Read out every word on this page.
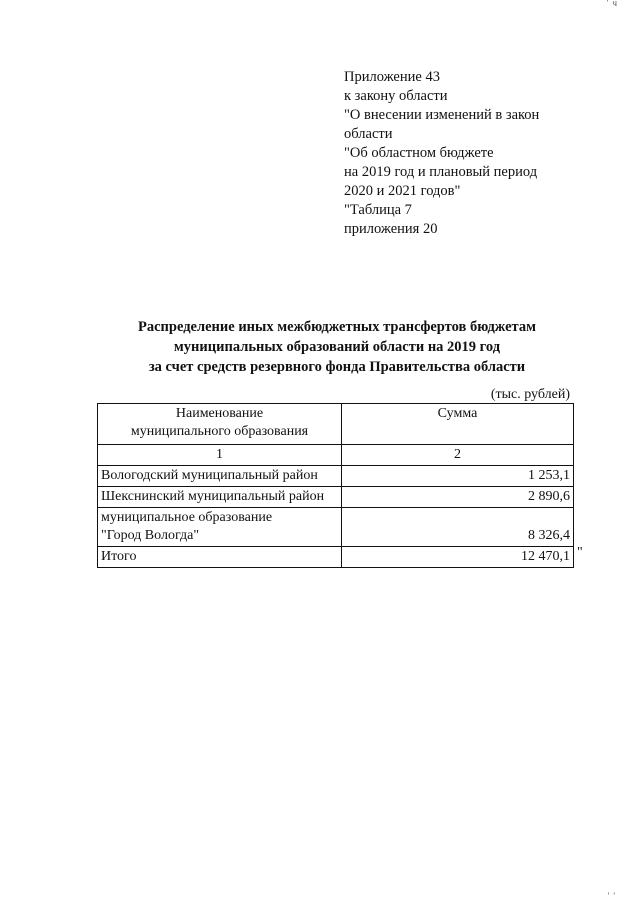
' ч
Приложение 43
к закону области
"О внесении изменений в закон
области
"Об областном бюджете
на 2019 год и плановый период
2020 и 2021 годов"
"Таблица 7
приложения 20
Распределение иных межбюджетных трансфертов бюджетам
муниципальных образований области на 2019 год
за счет средств резервного фонда Правительства области
(тыс. рублей)
Наименование
муниципального образования	Сумма
1	2
Вологодский муниципальный район	1 253,1
Шекснинский муниципальный район	2 890,6

муниципальное образование
"Город Вологда"	8 326,4
Итого	12 470,1 "
' '
